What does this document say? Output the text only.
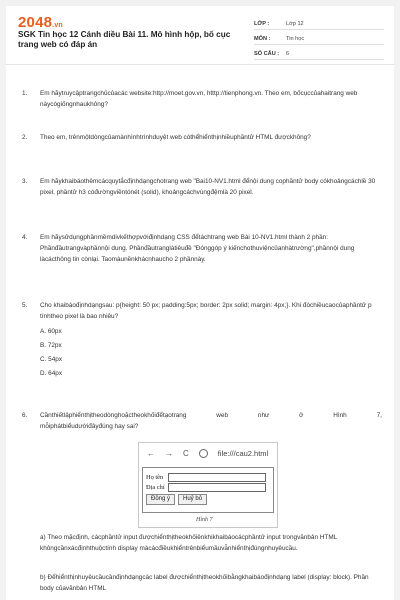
2048.vn
SGK Tin học 12 Cánh diều Bài 11. Mô hình hộp, bố cục trang web có đáp án
LỚP :	Lớp 12
MÔN :	Tin học
SỐ CÂU :	6
1.	Em hãytruycậptrangchủcủacác website:http://moet.gov.vn, htttp://tienphong.vn. Theo em, bốcụccủahaitrang web nàycógiốngnhaukhông?
2.	Theo em, trênmộtdòngcủamànhìnhtrìnhduyệt web cóthểhiểnthịnhiềuphầntử HTML đượckhông?
3.	Em hãykhaibáothêmcácquytắcđịnhdạngchotrang web "Bai10-NV1.html đểnội dung cophầntử body cókhoảngcáchlề 30 pixel, phầntử h3 cóđườngviềntónét (solid), khoảngcáchvùngđệmlà 20 pixel.
4.	Em hãysửdụngphầnmềmdivkếthợpvớiđịnhdạng CSS đểtáchtrang web Bài 10-NV1.html thành 2 phần: Phầnđầutrangvàphầnnội dung. Phầnđầutranglàtiêuđề "Đónggóp ý kiếnchothuviệncủanhàtrường",phầnnội dung làcácthông tin cònlại. Taomàunềnkhácnhaucho 2 phầnnày.
5.	Cho khaibáođịnhdạngsau: p{height: 50 px; padding:5px; border: 2px solid; margin: 4px;}. Khi đóchiềucaocủaphầntử p tínhtheo pixel là bao nhiêu?
A. 60px
B. 72px
C. 54px
D. 64px
6.	Cầnthiếtlậphiểnthịtheodònghoặctheokhốiđểtạotrang	web	như	ở	Hình	7,
mỗiphátbiểudướiđâyđúng hay sai?
← → C	file:///cau2.html
Họ tên
Địa chỉ
Đồng ý	Huỷ bỏ
Hình 7
a) Theo mặcđịnh, cácphầntử input đượchiểnthịtheokhốiênkhikhaibáocácphầntử input trongvănbản HTML khôngcầnxácđịnhthuộctính display màcácđiềukhiểntrênbiểumầuvẫnhiểnthịđúngnhuyêucầu.
b) Đểhiểnthịnhuyêucầucầnđịnhdạngcác label đượchiểnthịtheokhốibằngkhaibáođịnhdạng label (display: block). Phần body củavănbản HTML
